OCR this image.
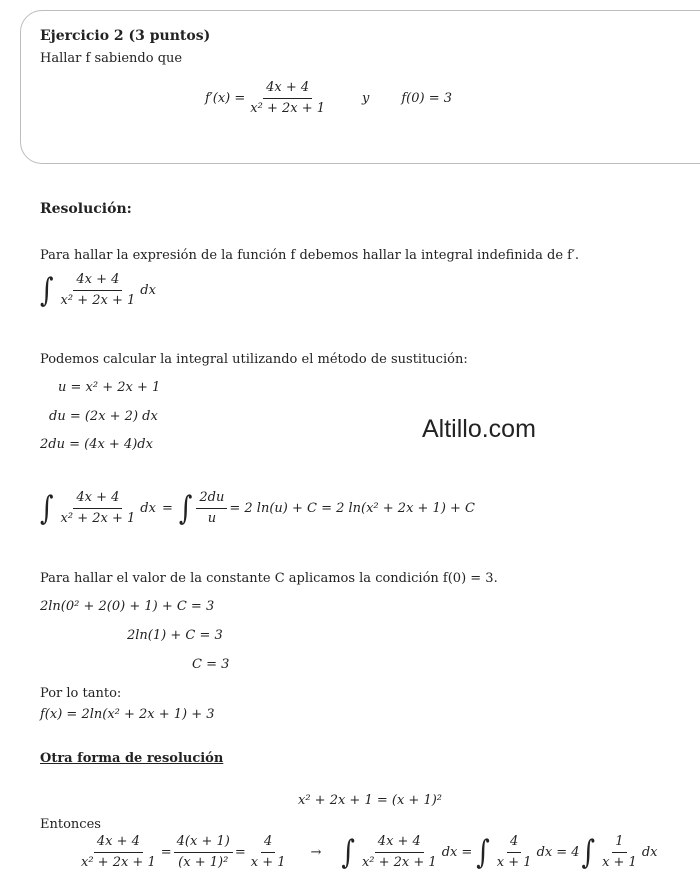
Ejercicio 2 (3 puntos)
Hallar f sabiendo que
$f'(x) = \frac{4x + 4}{\text{x² + 2x + 1}}$	y f(0) = 3
Resolución:
Para hallar la expresión de la función f debemos hallar la integral indefinida de f′.
∫ $\frac{4x + 4}{\text{x² + 2x + 1}}$ dx
Podemos calcular la integral utilizando el método de sustitución:
u = x² + 2x + 1
du = (2x + 2) dx
2du = (4x + 4)dx
Altillo.com
∫ $\frac{4x + 4}{\text{x² + 2x + 1}}$ dx = ∫ $\frac{2du}{u} = 2$ ln(u) + C = 2 ln(x² + 2x + 1) + C
Para hallar el valor de la constante C aplicamos la condición f(0) = 3.
2ln(0² + 2(0) + 1) + C = 3
2ln(1) + C = 3
C = 3
Por lo tanto:
f(x) = 2ln(x² + 2x + 1) + 3
Otra forma de resolución
x² + 2x + 1 = (x + 1)²
Entonces
$\frac{4x + 4}{\text{x² + 2x + 1}} = \frac{4(x + 1)}{\text{(x + 1)²}} = \frac{4}{x + 1}$ → ∫ $\frac{4x + 4}{\text{x² + 2x + 1}}$ dx = ∫ $\frac{4}{x + 1}$ dx = 4 ∫ $\frac{1}{x + 1}$ dx
